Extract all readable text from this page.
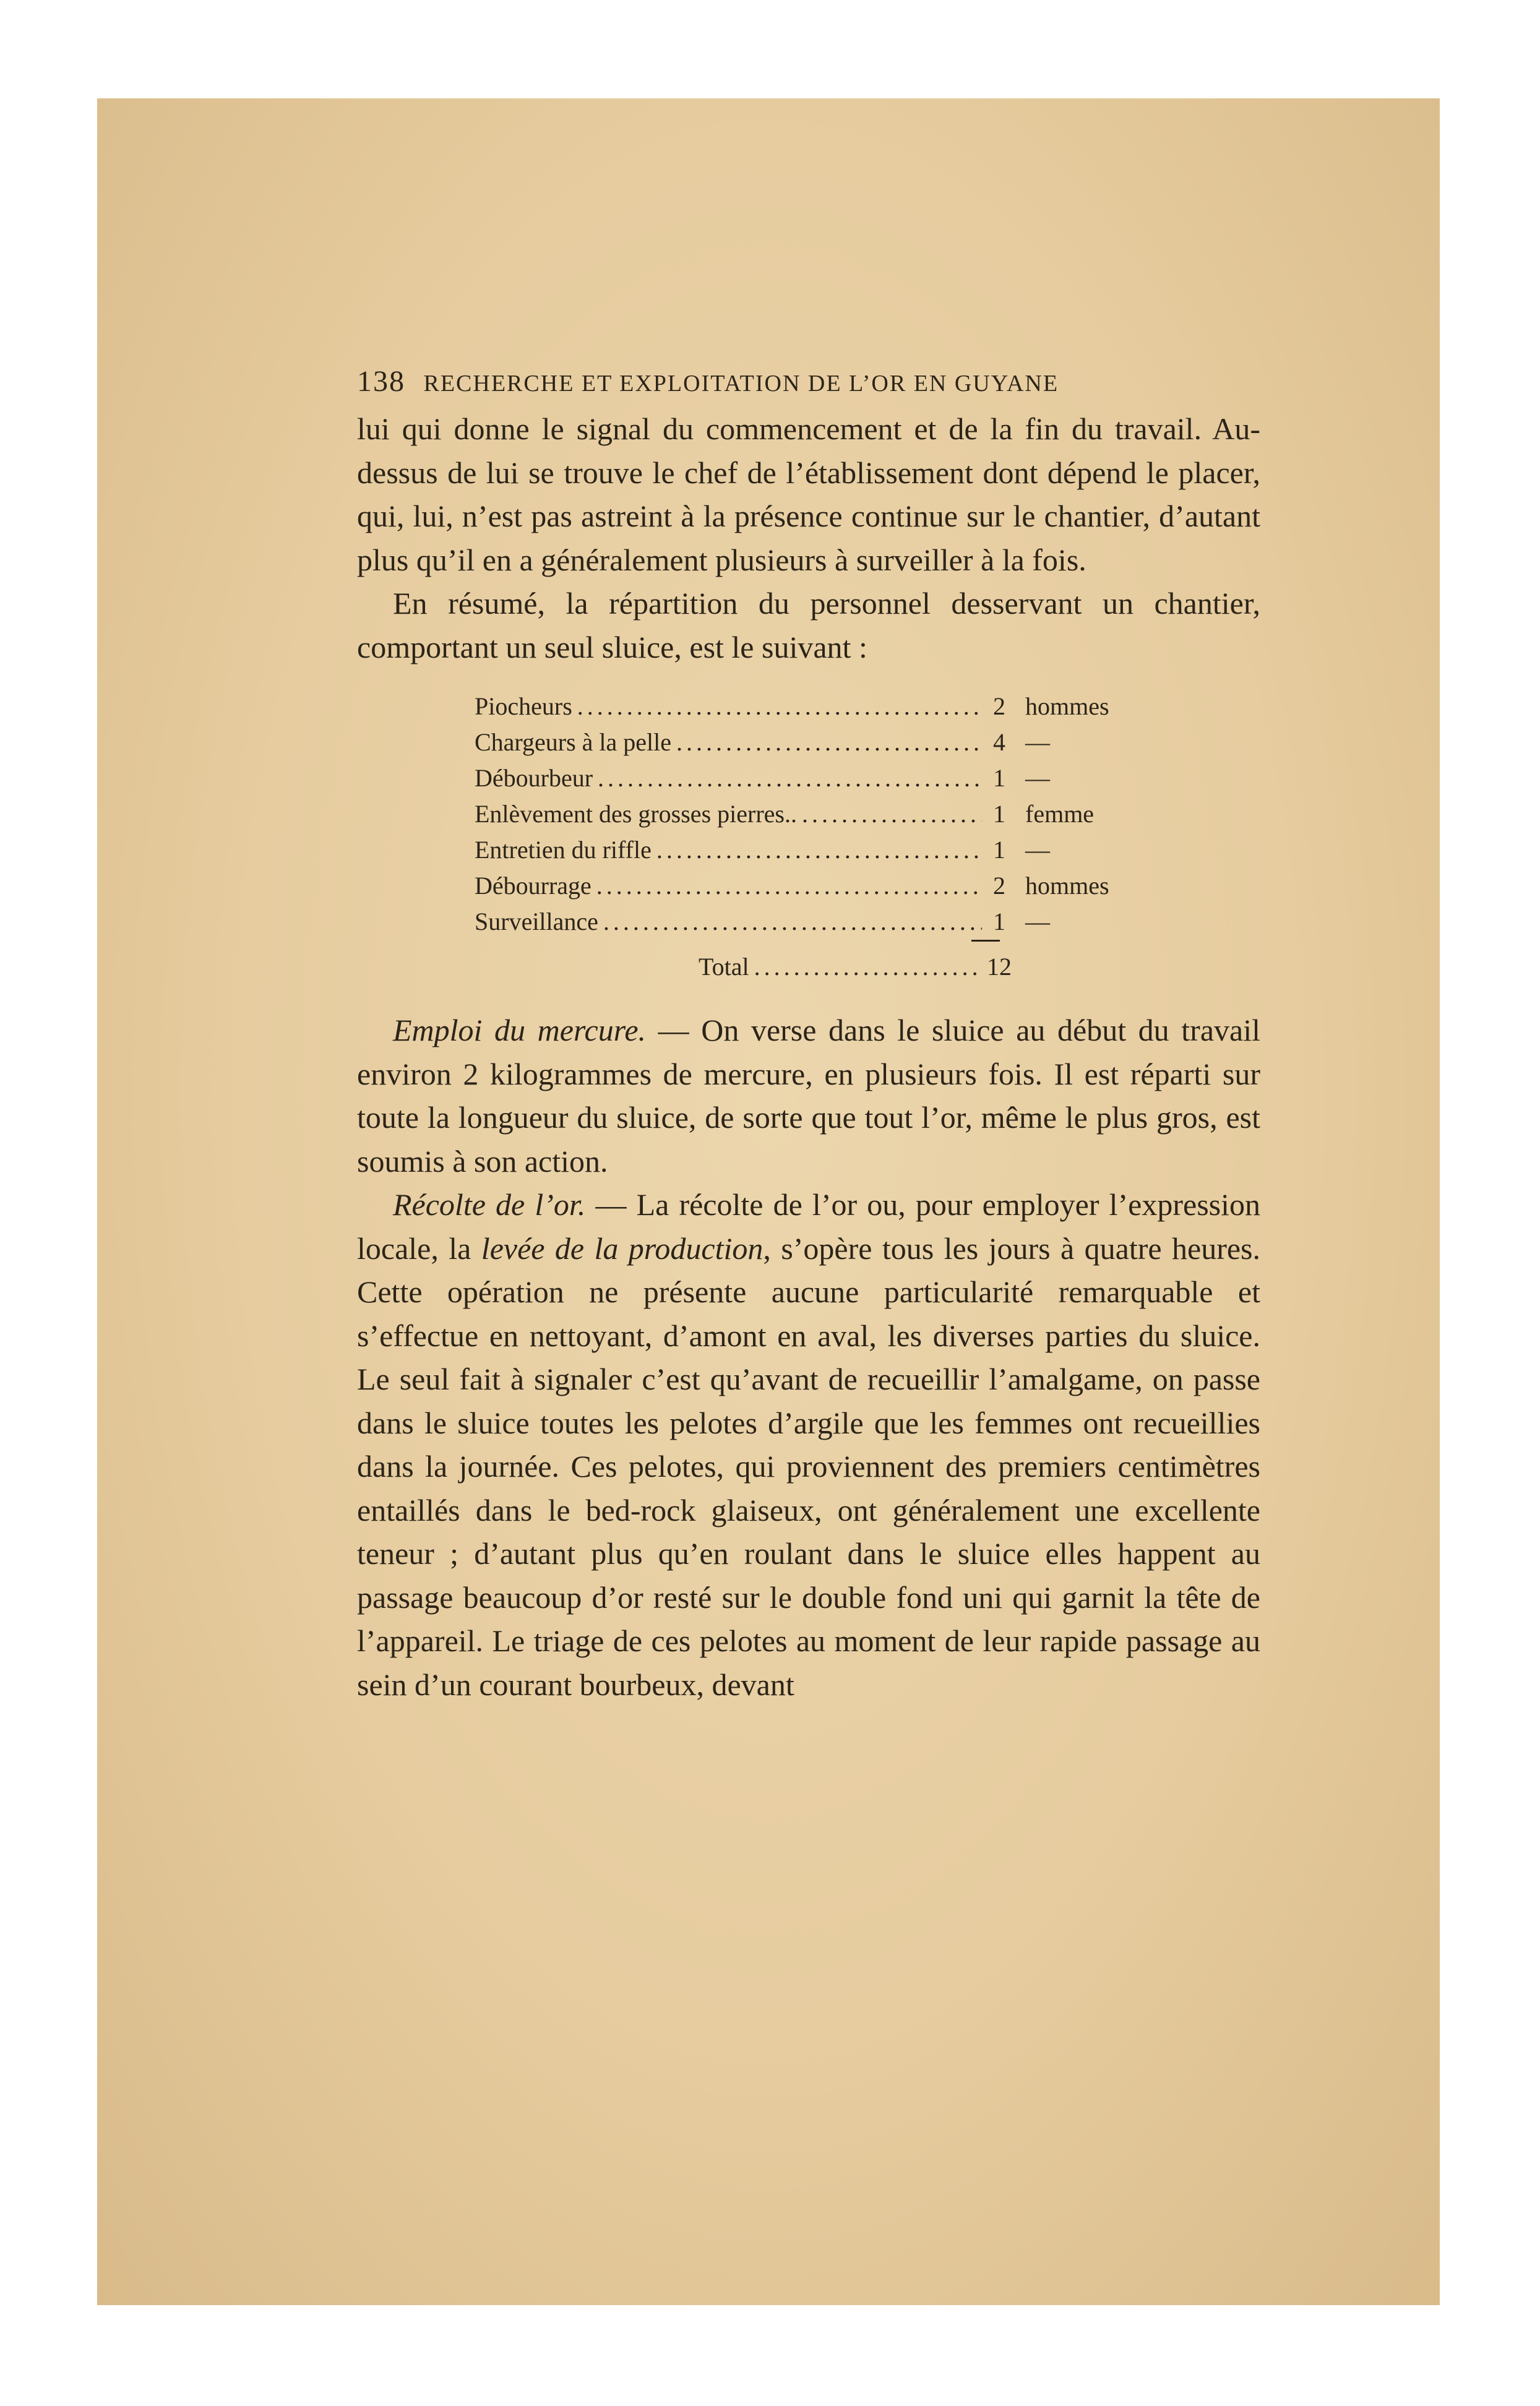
138 RECHERCHE ET EXPLOITATION DE L’OR EN GUYANE

lui qui donne le signal du commencement et de la fin du travail. Au-dessus de lui se trouve le chef de l’établissement dont dépend le placer, qui, lui, n’est pas astreint à la présence continue sur le chantier, d’autant plus qu’il en a généralement plusieurs à surveiller à la fois.

En résumé, la répartition du personnel desservant un chantier, comportant un seul sluice, est le suivant :

Piocheurs .....	2 hommes
Chargeurs à la pelle .....	4 —
Débourbeur .....	1 —
Enlèvement des grosses pierres.. .....	1 femme
Entretien du riffle .....	1 —
Débourrage .....	2 hommes
Surveillance .....	1 —
Total .....	12

Emploi du mercure. — On verse dans le sluice au début du travail environ 2 kilogrammes de mercure, en plusieurs fois. Il est réparti sur toute la longueur du sluice, de sorte que tout l’or, même le plus gros, est soumis à son action.

Récolte de l’or. — La récolte de l’or ou, pour employer l’expression locale, la levée de la production, s’opère tous les jours à quatre heures. Cette opération ne présente aucune particularité remarquable et s’effectue en nettoyant, d’amont en aval, les diverses parties du sluice. Le seul fait à signaler c’est qu’avant de recueillir l’amalgame, on passe dans le sluice toutes les pelotes d’argile que les femmes ont recueillies dans la journée. Ces pelotes, qui proviennent des premiers centimètres entaillés dans le bed-rock glaiseux, ont généralement une excellente teneur ; d’autant plus qu’en roulant dans le sluice elles happent au passage beaucoup d’or resté sur le double fond uni qui garnit la tête de l’appareil. Le triage de ces pelotes au moment de leur rapide passage au sein d’un courant bourbeux, devant
